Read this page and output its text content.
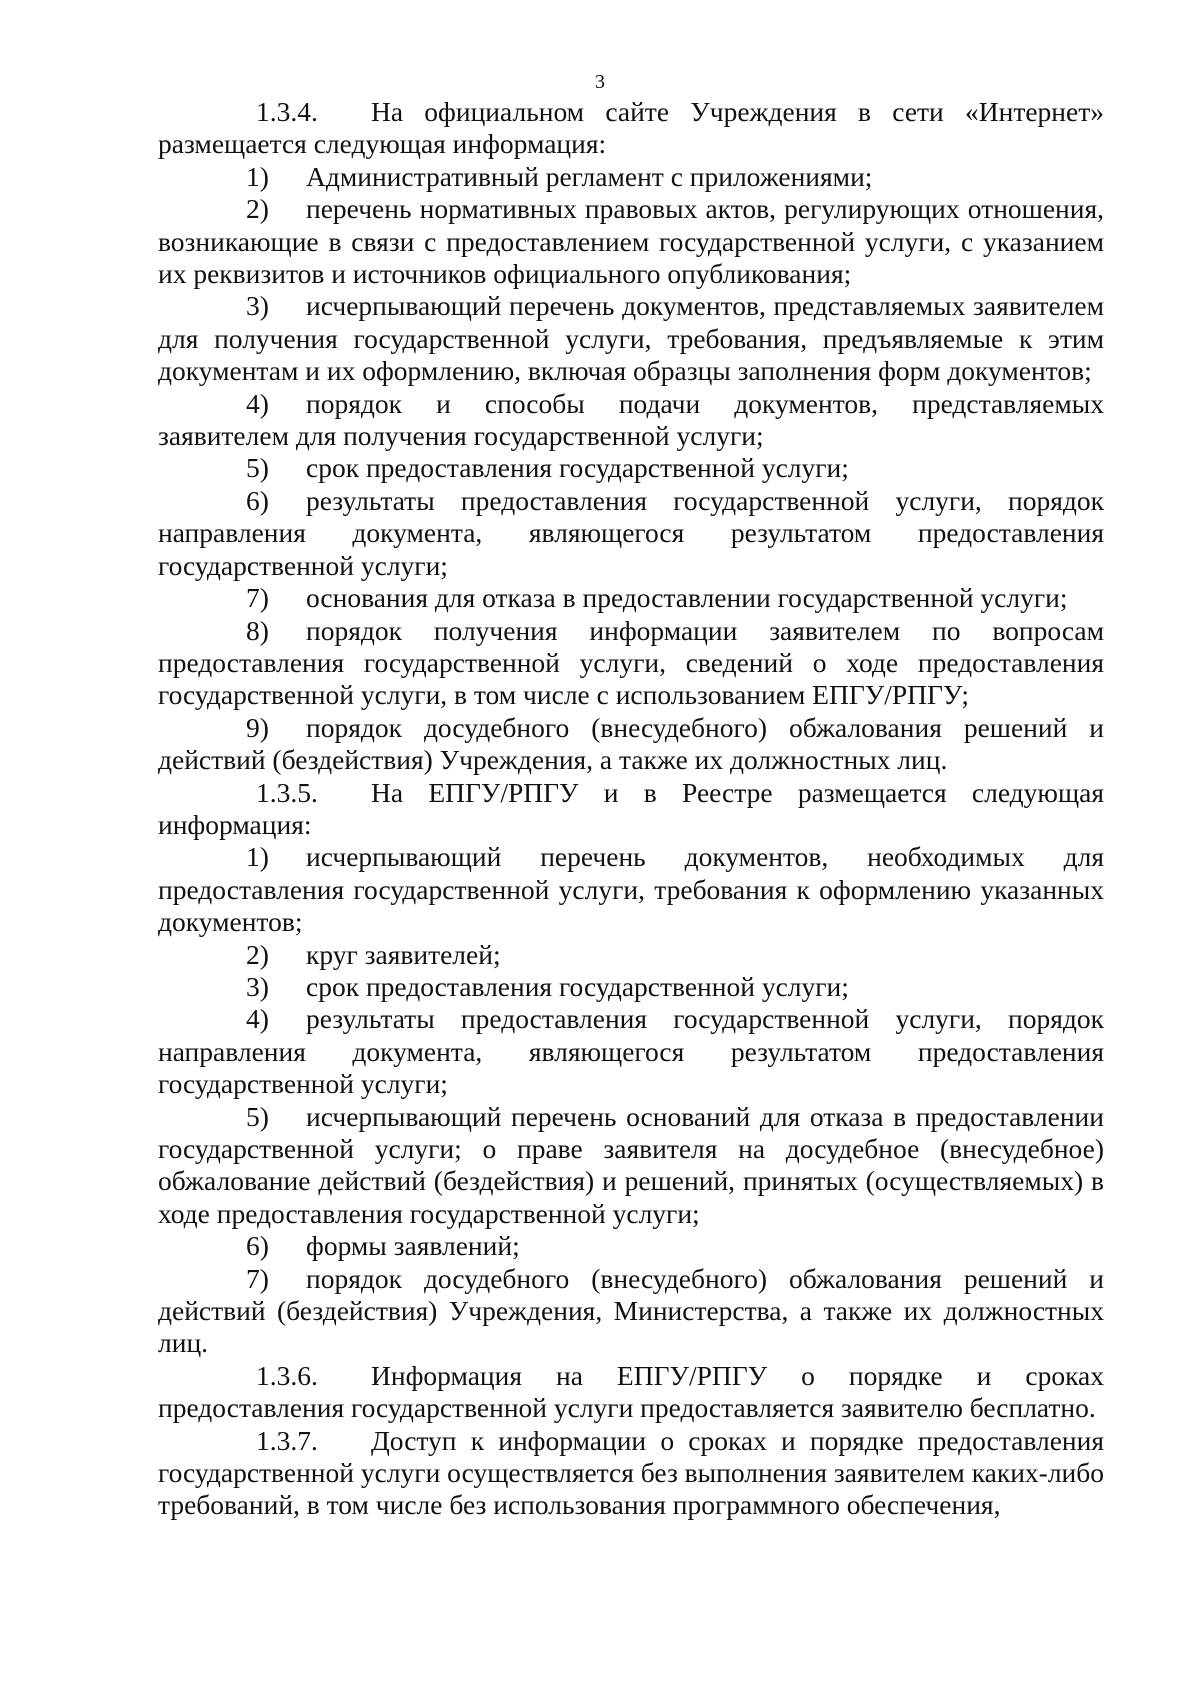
3

1.3.4. На официальном сайте Учреждения в сети «Интернет» размещается следующая информация:

1) Административный регламент с приложениями;

2) перечень нормативных правовых актов, регулирующих отношения, возникающие в связи с предоставлением государственной услуги, с указанием их реквизитов и источников официального опубликования;

3) исчерпывающий перечень документов, представляемых заявителем для получения государственной услуги, требования, предъявляемые к этим документам и их оформлению, включая образцы заполнения форм документов;

4) порядок и способы подачи документов, представляемых заявителем для получения государственной услуги;

5) срок предоставления государственной услуги;

6) результаты предоставления государственной услуги, порядок направления документа, являющегося результатом предоставления государственной услуги;

7) основания для отказа в предоставлении государственной услуги;

8) порядок получения информации заявителем по вопросам предоставления государственной услуги, сведений о ходе предоставления государственной услуги, в том числе с использованием ЕПГУ/РПГУ;

9) порядок досудебного (внесудебного) обжалования решений и действий (бездействия) Учреждения, а также их должностных лиц.

1.3.5. На ЕПГУ/РПГУ и в Реестре размещается следующая информация:

1) исчерпывающий перечень документов, необходимых для предоставления государственной услуги, требования к оформлению указанных документов;

2) круг заявителей;

3) срок предоставления государственной услуги;

4) результаты предоставления государственной услуги, порядок направления документа, являющегося результатом предоставления государственной услуги;

5) исчерпывающий перечень оснований для отказа в предоставлении государственной услуги; о праве заявителя на досудебное (внесудебное) обжалование действий (бездействия) и решений, принятых (осуществляемых) в ходе предоставления государственной услуги;

6) формы заявлений;

7) порядок досудебного (внесудебного) обжалования решений и действий (бездействия) Учреждения, Министерства, а также их должностных лиц.

1.3.6. Информация на ЕПГУ/РПГУ о порядке и сроках предоставления государственной услуги предоставляется заявителю бесплатно.

1.3.7. Доступ к информации о сроках и порядке предоставления государственной услуги осуществляется без выполнения заявителем каких-либо требований, в том числе без использования программного обеспечения,
